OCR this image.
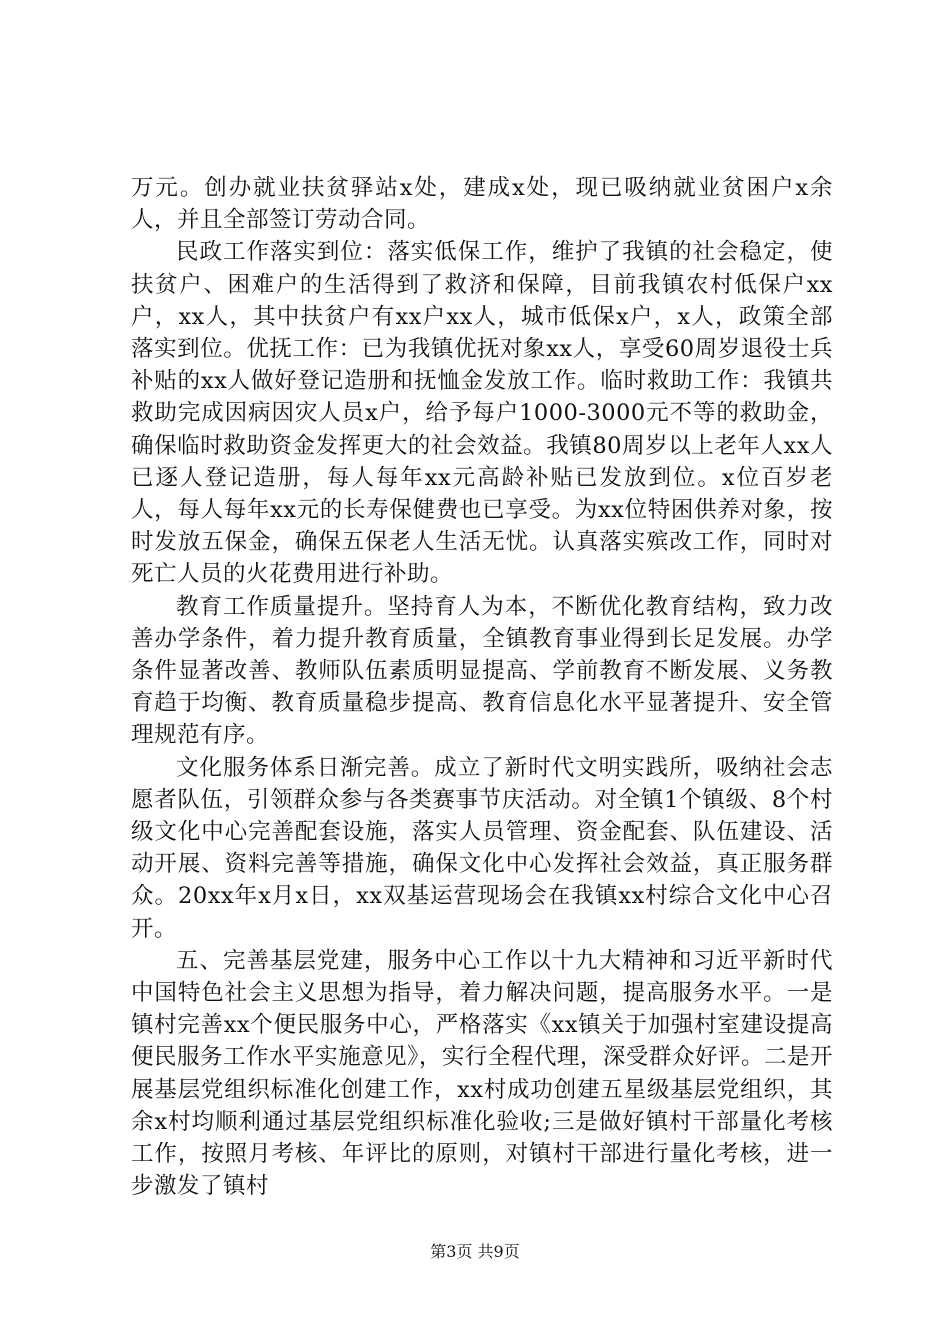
万元。创办就业扶贫驿站x处，建成x处，现已吸纳就业贫困户x余人，并且全部签订劳动合同。

民政工作落实到位：落实低保工作，维护了我镇的社会稳定，使扶贫户、困难户的生活得到了救济和保障，目前我镇农村低保户xx户，xx人，其中扶贫户有xx户xx人，城市低保x户，x人，政策全部落实到位。优抚工作：已为我镇优抚对象xx人，享受60周岁退役士兵补贴的xx人做好登记造册和抚恤金发放工作。临时救助工作：我镇共救助完成因病因灾人员x户，给予每户1000-3000元不等的救助金，确保临时救助资金发挥更大的社会效益。我镇80周岁以上老年人xx人已逐人登记造册，每人每年xx元高龄补贴已发放到位。x位百岁老人，每人每年xx元的长寿保健费也已享受。为xx位特困供养对象，按时发放五保金，确保五保老人生活无忧。认真落实殡改工作，同时对死亡人员的火花费用进行补助。

教育工作质量提升。坚持育人为本，不断优化教育结构，致力改善办学条件，着力提升教育质量，全镇教育事业得到长足发展。办学条件显著改善、教师队伍素质明显提高、学前教育不断发展、义务教育趋于均衡、教育质量稳步提高、教育信息化水平显著提升、安全管理规范有序。

文化服务体系日渐完善。成立了新时代文明实践所，吸纳社会志愿者队伍，引领群众参与各类赛事节庆活动。对全镇1个镇级、8个村级文化中心完善配套设施，落实人员管理、资金配套、队伍建设、活动开展、资料完善等措施，确保文化中心发挥社会效益，真正服务群众。20xx年x月x日，xx双基运营现场会在我镇xx村综合文化中心召开。

五、完善基层党建，服务中心工作以十九大精神和习近平新时代中国特色社会主义思想为指导，着力解决问题，提高服务水平。一是镇村完善xx个便民服务中心，严格落实《xx镇关于加强村室建设提高便民服务工作水平实施意见》，实行全程代理，深受群众好评。二是开展基层党组织标准化创建工作，xx村成功创建五星级基层党组织，其余x村均顺利通过基层党组织标准化验收;三是做好镇村干部量化考核工作，按照月考核、年评比的原则，对镇村干部进行量化考核，进一步激发了镇村

第3页 共9页
